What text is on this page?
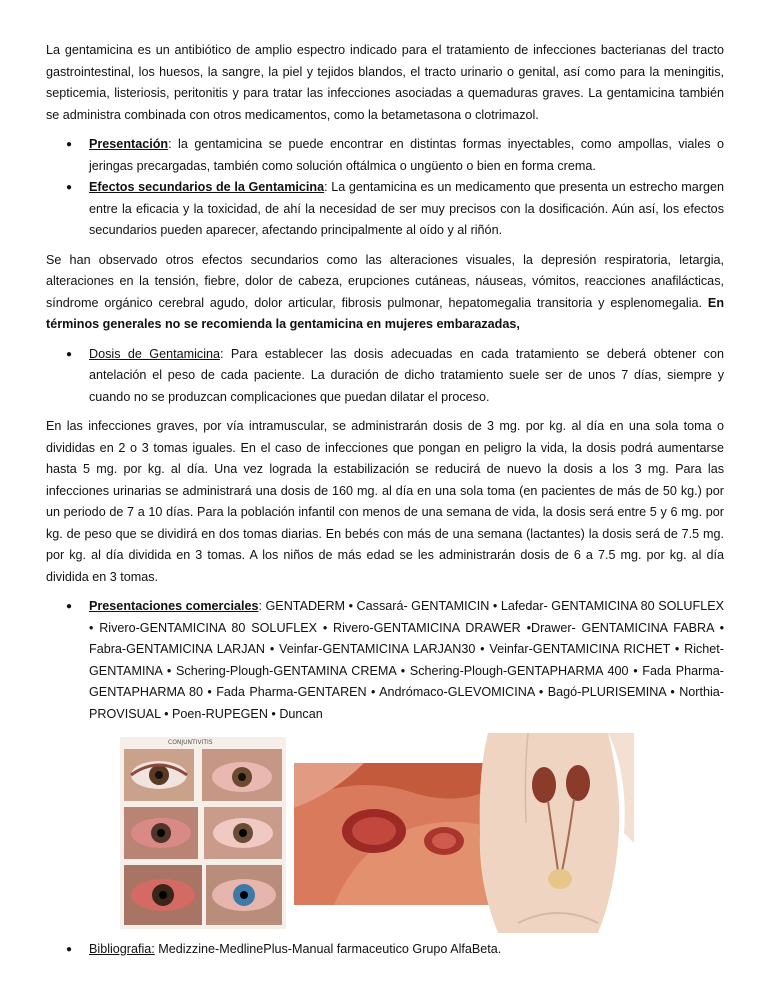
La gentamicina es un antibiótico de amplio espectro indicado para el tratamiento de infecciones bacterianas del tracto gastrointestinal, los huesos, la sangre, la piel y tejidos blandos, el tracto urinario o genital, así como para la meningitis, septicemia, listeriosis, peritonitis y para tratar las infecciones asociadas a quemaduras graves. La gentamicina también se administra combinada con otros medicamentos, como la betametasona o clotrimazol.

● Presentación: la gentamicina se puede encontrar en distintas formas inyectables, como ampollas, viales o jeringas precargadas, también como solución oftálmica o ungüento o bien en forma crema.
● Efectos secundarios de la Gentamicina: La gentamicina es un medicamento que presenta un estrecho margen entre la eficacia y la toxicidad, de ahí la necesidad de ser muy precisos con la dosificación. Aún así, los efectos secundarios pueden aparecer, afectando principalmente al oído y al riñón.

Se han observado otros efectos secundarios como las alteraciones visuales, la depresión respiratoria, letargia, alteraciones en la tensión, fiebre, dolor de cabeza, erupciones cutáneas, náuseas, vómitos, reacciones anafilácticas, síndrome orgánico cerebral agudo, dolor articular, fibrosis pulmonar, hepatomegalia transitoria y esplenomegalia. En términos generales no se recomienda la gentamicina en mujeres embarazadas,

● Dosis de Gentamicina: Para establecer las dosis adecuadas en cada tratamiento se deberá obtener con antelación el peso de cada paciente. La duración de dicho tratamiento suele ser de unos 7 días, siempre y cuando no se produzcan complicaciones que puedan dilatar el proceso.

En las infecciones graves, por vía intramuscular, se administrarán dosis de 3 mg. por kg. al día en una sola toma o divididas en 2 o 3 tomas iguales. En el caso de infecciones que pongan en peligro la vida, la dosis podrá aumentarse hasta 5 mg. por kg. al día. Una vez lograda la estabilización se reducirá de nuevo la dosis a los 3 mg. Para las infecciones urinarias se administrará una dosis de 160 mg. al día en una sola toma (en pacientes de más de 50 kg.) por un periodo de 7 a 10 días. Para la población infantil con menos de una semana de vida, la dosis será entre 5 y 6 mg. por kg. de peso que se dividirá en dos tomas diarias. En bebés con más de una semana (lactantes) la dosis será de 7.5 mg. por kg. al día dividida en 3 tomas. A los niños de más edad se les administrarán dosis de 6 a 7.5 mg. por kg. al día dividida en 3 tomas.

● Presentaciones comerciales: GENTADERM • Cassará- GENTAMICIN • Lafedar- GENTAMICINA 80 SOLUFLEX • Rivero-GENTAMICINA 80 SOLUFLEX • Rivero-GENTAMICINA DRAWER •Drawer- GENTAMICINA FABRA • Fabra-GENTAMICINA LARJAN • Veinfar-GENTAMICINA LARJAN30 • Veinfar-GENTAMICINA RICHET • Richet-GENTAMINA • Schering-Plough-GENTAMINA CREMA • Schering-Plough-GENTAPHARMA 400 • Fada Pharma-GENTAPHARMA 80 • Fada Pharma-GENTAREN • Andrómaco-GLEVOMICINA • Bagó-PLURISEMINA • Northia-PROVISUAL • Poen-RUPEGEN • Duncan
CONJUNTIVITIS
● Bibliografia: Medizzine-MedlinePlus-Manual farmaceutico Grupo AlfaBeta.
